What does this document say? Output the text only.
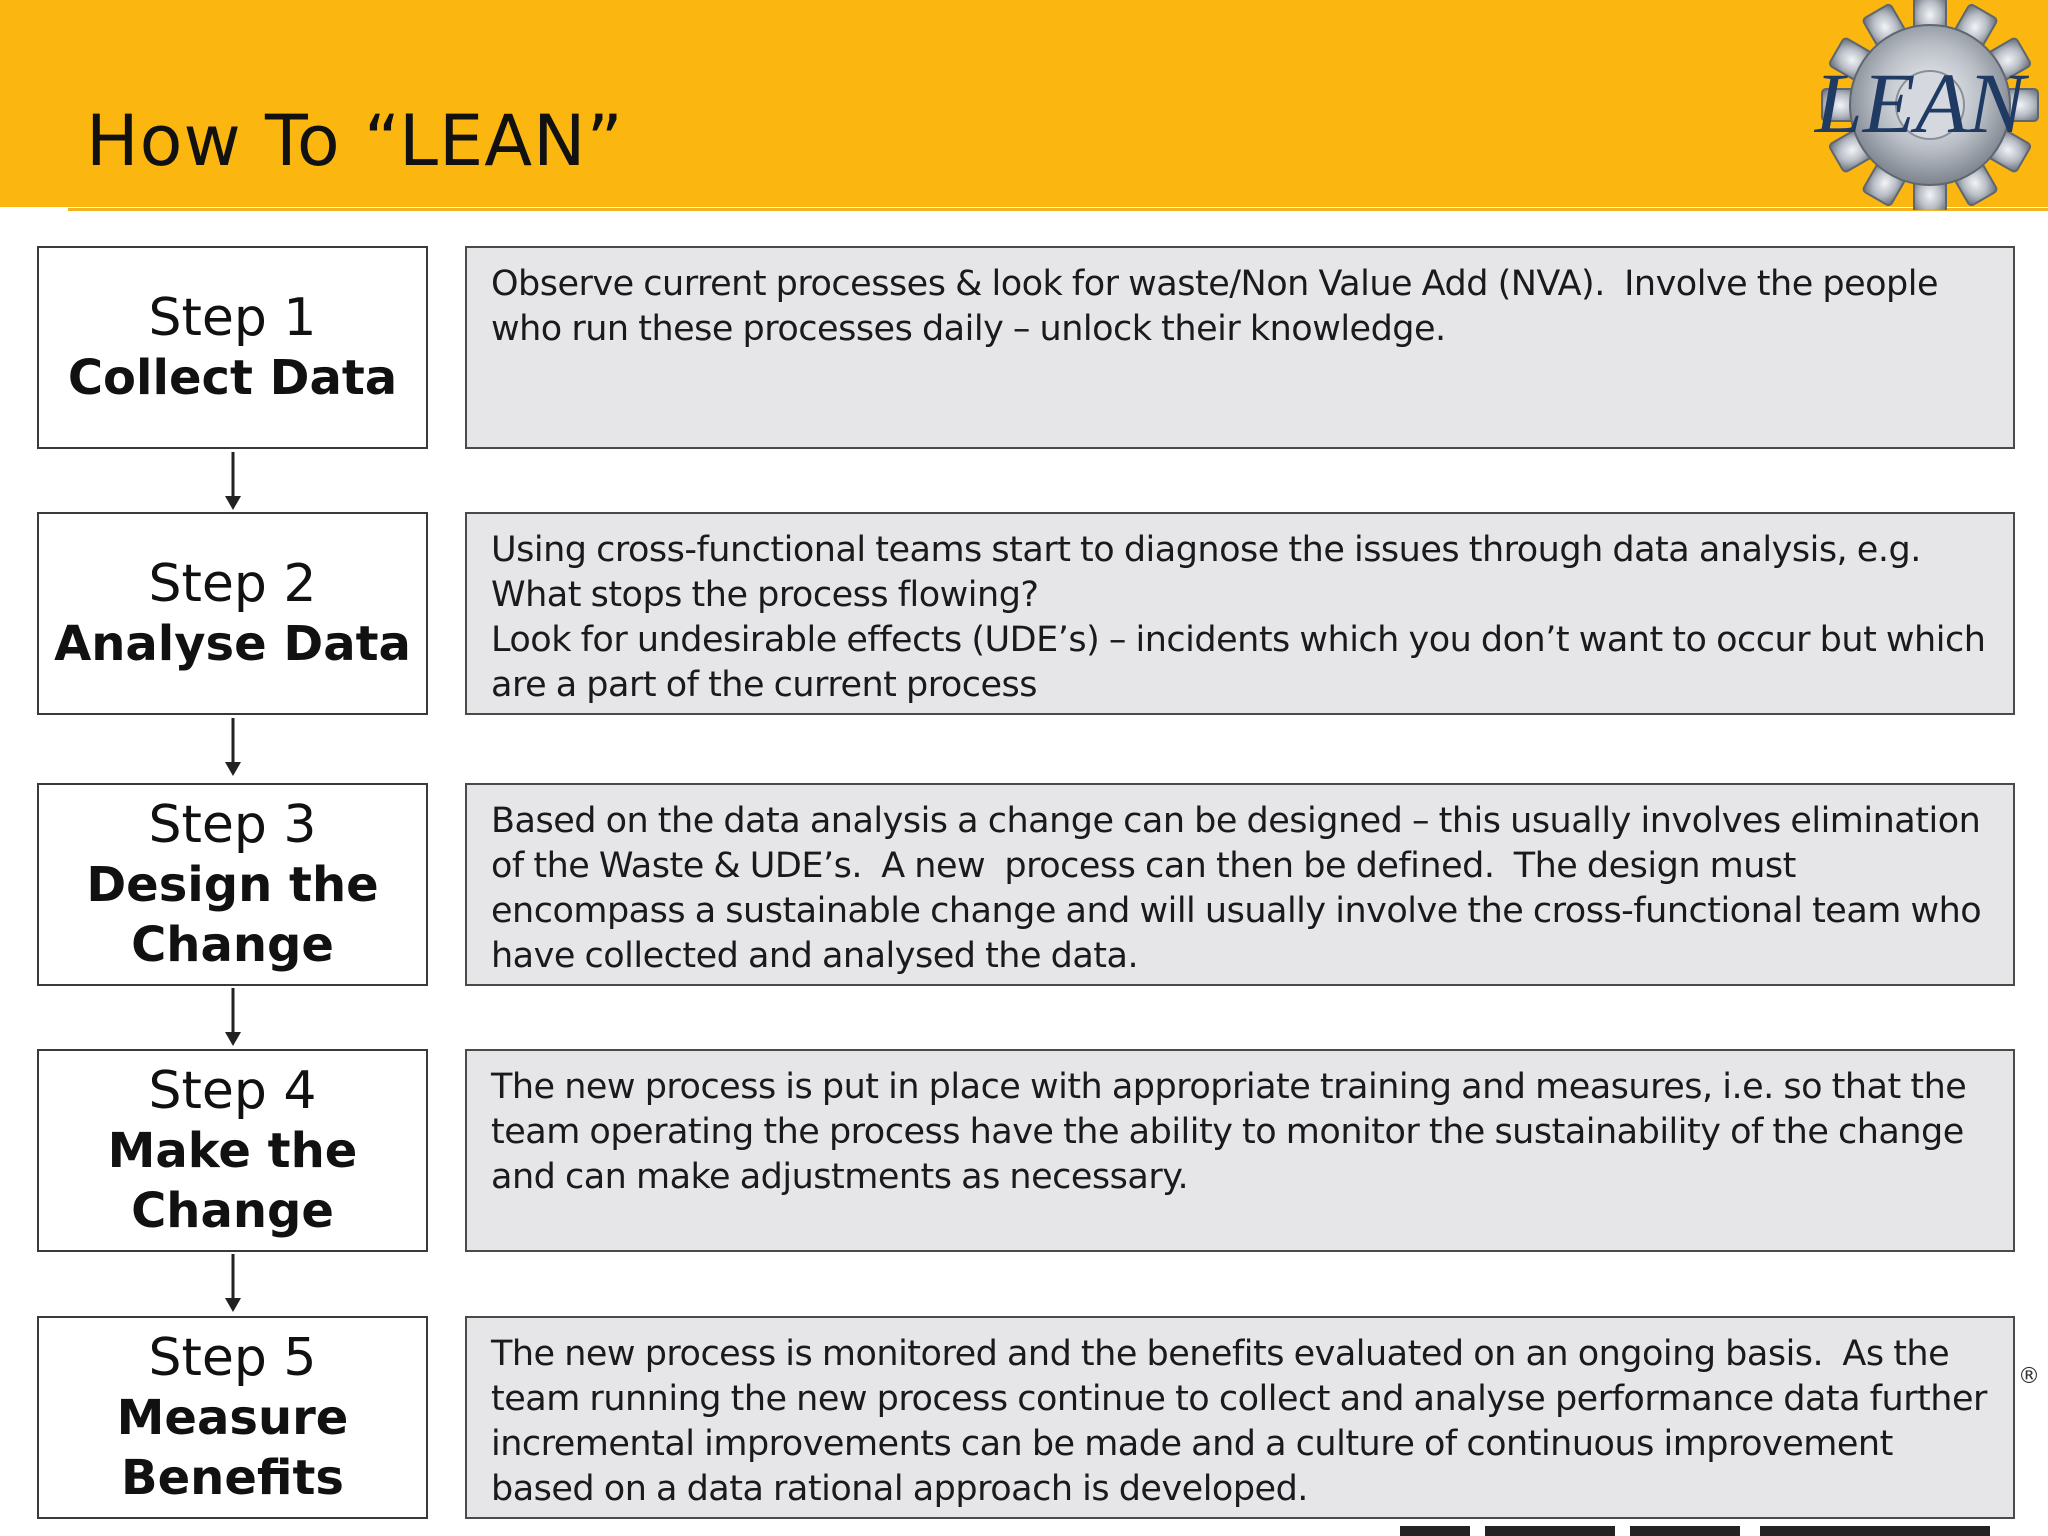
How To “LEAN”	LEAN
Step 1
Collect Data
Observe current processes & look for waste/Non Value Add (NVA).  Involve the people who run these processes daily – unlock their knowledge.
Step 2
Analyse Data
Using cross-functional teams start to diagnose the issues through data analysis, e.g. What stops the process flowing?
Look for undesirable effects (UDE’s) – incidents which you don’t want to occur but which are a part of the current process
Step 3
Design the Change
Based on the data analysis a change can be designed – this usually involves elimination of the Waste & UDE’s.  A new  process can then be defined.  The design must encompass a sustainable change and will usually involve the cross-functional team who have collected and analysed the data.
Step 4
Make the Change
The new process is put in place with appropriate training and measures, i.e. so that the team operating the process have the ability to monitor the sustainability of the change and can make adjustments as necessary.
Step 5
Measure Benefits
The new process is monitored and the benefits evaluated on an ongoing basis.  As the team running the new process continue to collect and analyse performance data further incremental improvements can be made and a culture of continuous improvement based on a data rational approach is developed.
®
